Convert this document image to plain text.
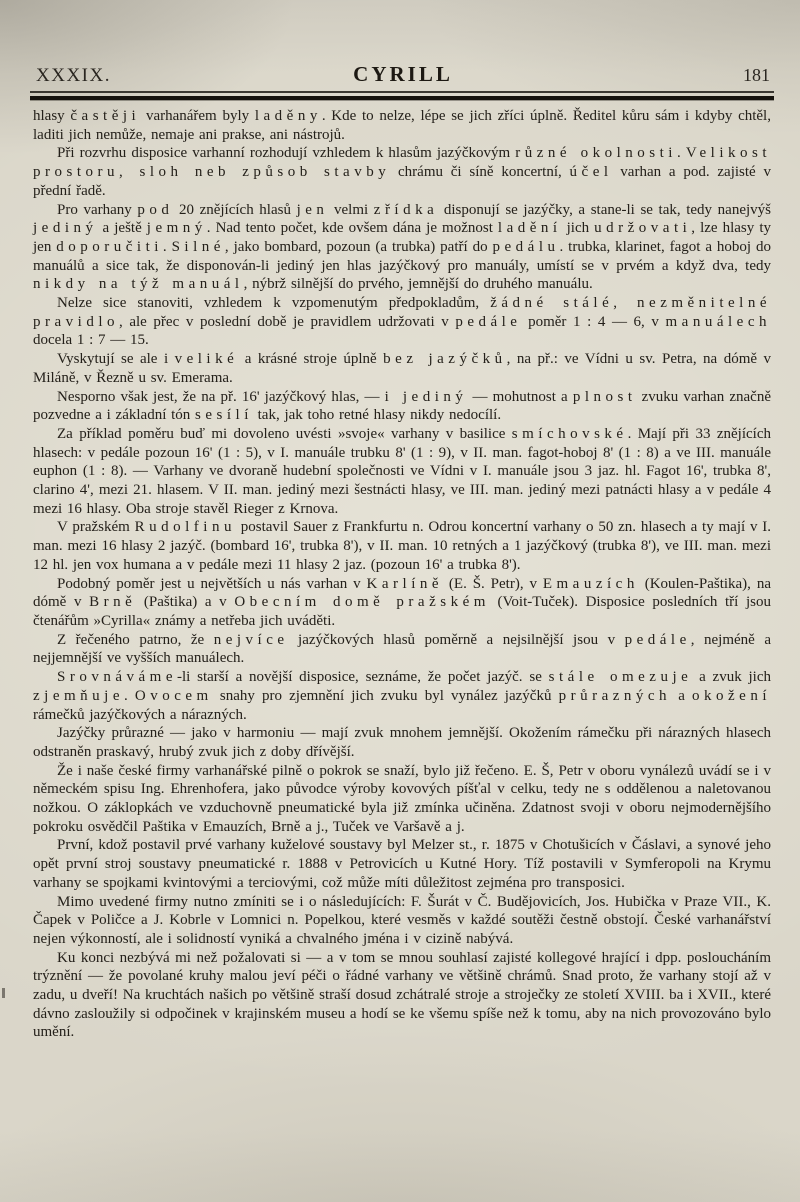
XXXIX.	CYRILL	181

hlasy častěji varhanářem byly laděny. Kde to nelze, lépe se jich zříci úplně. Ředitel kůru sám i kdyby chtěl, laditi jich nemůže, nemaje ani prakse, ani nástrojů.

Při rozvrhu disposice varhanní rozhodují vzhledem k hlasům jazýčkovým různé okolnosti. Velikost prostoru, sloh neb způsob stavby chrámu či síně koncertní, účel varhan a pod. zajisté v přední řadě.

Pro varhany pod 20 znějících hlasů jen velmi zřídka disponují se jazýčky, a stane-li se tak, tedy nanejvýš jediný a ještě jemný. Nad tento počet, kde ovšem dána je možnost ladění jich udržovati, lze hlasy ty jen doporučiti. Silné, jako bombard, pozoun (a trubka) patří do pedálu. trubka, klarinet, fagot a hoboj do manuálů a sice tak, že disponován-li jediný jen hlas jazýčkový pro manuály, umístí se v prvém a když dva, tedy nikdy na týž manuál, nýbrž silnější do prvého, jemnější do druhého manuálu.

Nelze sice stanoviti, vzhledem k vzpomenutým předpokladům, žádné stálé, nezměnitelné pravidlo, ale přec v poslední době je pravidlem udržovati v pedále poměr 1 : 4 — 6, v manuálech docela 1 : 7 — 15.

Vyskytují se ale i veliké a krásné stroje úplně bez jazýčků, na př.: ve Vídni u sv. Petra, na dómě v Miláně, v Řezně u sv. Emerama.

Nesporno však jest, že na př. 16' jazýčkový hlas, — i jediný — mohutnost a plnost zvuku varhan značně pozvedne a i základní tón sesílí tak, jak toho retné hlasy nikdy nedocílí.

Za příklad poměru buď mi dovoleno uvésti »svoje« varhany v basilice smíchovské. Mají při 33 znějících hlasech: v pedále pozoun 16' (1 : 5), v I. manuále trubku 8' (1 : 9), v II. man. fagot-hoboj 8' (1 : 8) a ve III. manuále euphon (1 : 8). — Varhany ve dvoraně hudební společnosti ve Vídni v I. manuále jsou 3 jaz. hl. Fagot 16', trubka 8', clarino 4', mezi 21. hlasem. V II. man. jediný mezi šestnácti hlasy, ve III. man. jediný mezi patnácti hlasy a v pedále 4 mezi 16 hlasy. Oba stroje stavěl Rieger z Krnova.

V pražském Rudolfinu postavil Sauer z Frankfurtu n. Odrou koncertní varhany o 50 zn. hlasech a ty mají v I. man. mezi 16 hlasy 2 jazýč. (bombard 16', trubka 8'), v II. man. 10 retných a 1 jazýčkový (trubka 8'), ve III. man. mezi 12 hl. jen vox humana a v pedále mezi 11 hlasy 2 jaz. (pozoun 16' a trubka 8').

Podobný poměr jest u největších u nás varhan v Karlíně (E. Š. Petr), v Emauzích (Koulen-Paštika), na dómě v Brně (Paštika) a v Obecním domě pražském (Voit-Tuček). Disposice posledních tří jsou čtenářům »Cyrilla« známy a netřeba jich uváděti.

Z řečeného patrno, že nejvíce jazýčkových hlasů poměrně a nejsilnější jsou v pedále, nejméně a nejjemnější ve vyšších manuálech.

Srovnáváme-li starší a novější disposice, seznáme, že počet jazýč. se stále omezuje a zvuk jich zjemňuje. Ovocem snahy pro zjemnění jich zvuku byl vynález jazýčků průrazných a okožení rámečků jazýčkových a nárazných.

Jazýčky průrazné — jako v harmoniu — mají zvuk mnohem jemnější. Okožením rámečku při nárazných hlasech odstraněn praskavý, hrubý zvuk jich z doby dřívější.

Že i naše české firmy varhanářské pilně o pokrok se snaží, bylo již řečeno. E. Š, Petr v oboru vynálezů uvádí se i v německém spisu Ing. Ehrenhofera, jako původce výroby kovových píšťal v celku, tedy ne s oddělenou a naletovanou nožkou. O záklopkách ve vzduchovně pneumatické byla již zmínka učiněna. Zdatnost svoji v oboru nejmodernějšího pokroku osvědčil Paštika v Emauzích, Brně a j., Tuček ve Varšavě a j.

První, kdož postavil prvé varhany kuželové soustavy byl Melzer st., r. 1875 v Chotušicích v Čáslavi, a synové jeho opět první stroj soustavy pneumatické r. 1888 v Petrovicích u Kutné Hory. Tíž postavili v Symferopoli na Krymu varhany se spojkami kvintovými a terciovými, což může míti důležitost zejména pro transposici.

Mimo uvedené firmy nutno zmíniti se i o následujících: F. Šurát v Č. Budějovicích, Jos. Hubička v Praze VII., K. Čapek v Poličce a J. Kobrle v Lomnici n. Popelkou, které vesměs v každé soutěži čestně obstojí. České varhanářství nejen výkonností, ale i solidností vyniká a chvalného jména i v cizině nabývá.

Ku konci nezbývá mi než požalovati si — a v tom se mnou souhlasí zajisté kollegové hrající i dpp. posloucháním trýznění — že povolané kruhy malou jeví péči o řádné varhany ve většině chrámů. Snad proto, že varhany stojí až v zadu, u dveří! Na kruchtách našich po většině straší dosud zchátralé stroje a stroječky ze století XVIII. ba i XVII., které dávno zasloužily si odpočinek v krajinském museu a hodí se ke všemu spíše než k tomu, aby na nich provozováno bylo umění.
